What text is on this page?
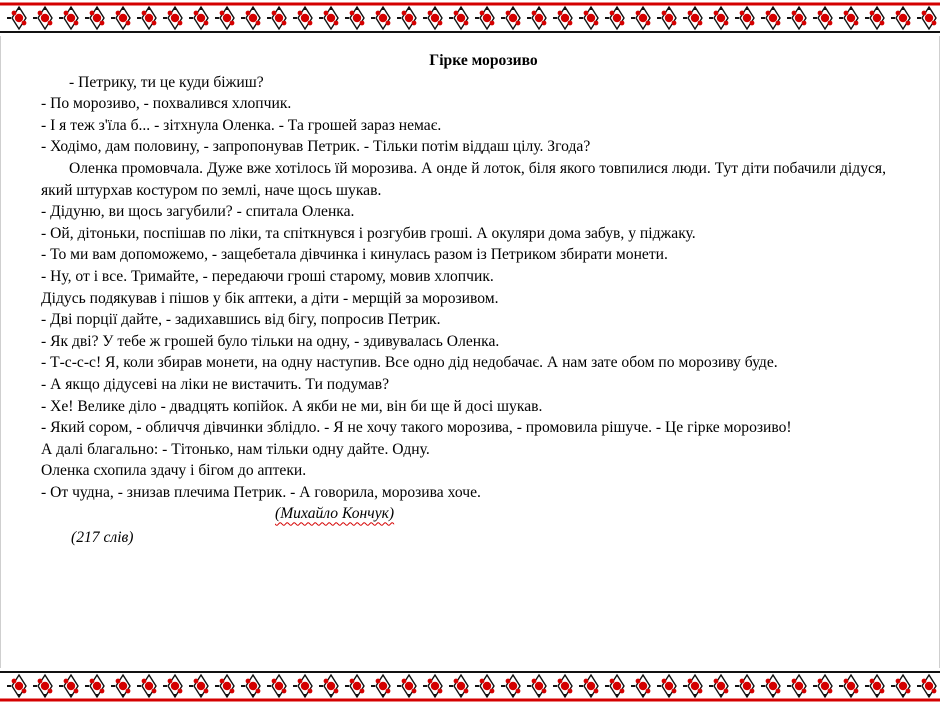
Гірке морозиво

- Петрику, ти це куди біжиш?

- По морозиво, - похвалився хлопчик.

- І я теж з'їла б... - зітхнула Оленка. - Та грошей зараз немає.

- Ходімо, дам половину, - запропонував Петрик. - Тільки потім віддаш цілу. Згода?

Оленка промовчала. Дуже вже хотілось їй морозива. А онде й лоток, біля якого товпилися люди. Тут діти побачили дідуся, який штурхав костуром по землі, наче щось шукав.

- Дідуню, ви щось загубили? - спитала Оленка.

- Ой, дітоньки, поспішав по ліки, та спіткнувся і розгубив гроші. А окуляри дома забув, у піджаку.

- То ми вам допоможемо, - защебетала дівчинка і кинулась разом із Петриком збирати монети.

- Ну, от і все. Тримайте, - передаючи гроші старому, мовив хлопчик.

Дідусь подякував і пішов у бік аптеки, а діти - мерщій за морозивом.

- Дві порції дайте, - задихавшись від бігу, попросив Петрик.

- Як дві? У тебе ж грошей було тільки на одну, - здивувалась Оленка.

- Т-с-с-с! Я, коли збирав монети, на одну наступив. Все одно дід недобачає. А нам зате обом по морозиву буде.

- А якщо дідусеві на ліки не вистачить. Ти подумав?

- Хе! Велике діло - двадцять копійок. А якби не ми, він би ще й досі шукав.

- Який сором, - обличчя дівчинки зблідло. - Я не хочу такого морозива, - промовила рішуче. - Це гірке морозиво!

А далі благально: - Тітонько, нам тільки одну дайте. Одну.

Оленка схопила здачу і бігом до аптеки.

- От чудна, - знизав плечима Петрик. - А говорила, морозива хоче.

(Михайло Кончук)

(217 слів)
